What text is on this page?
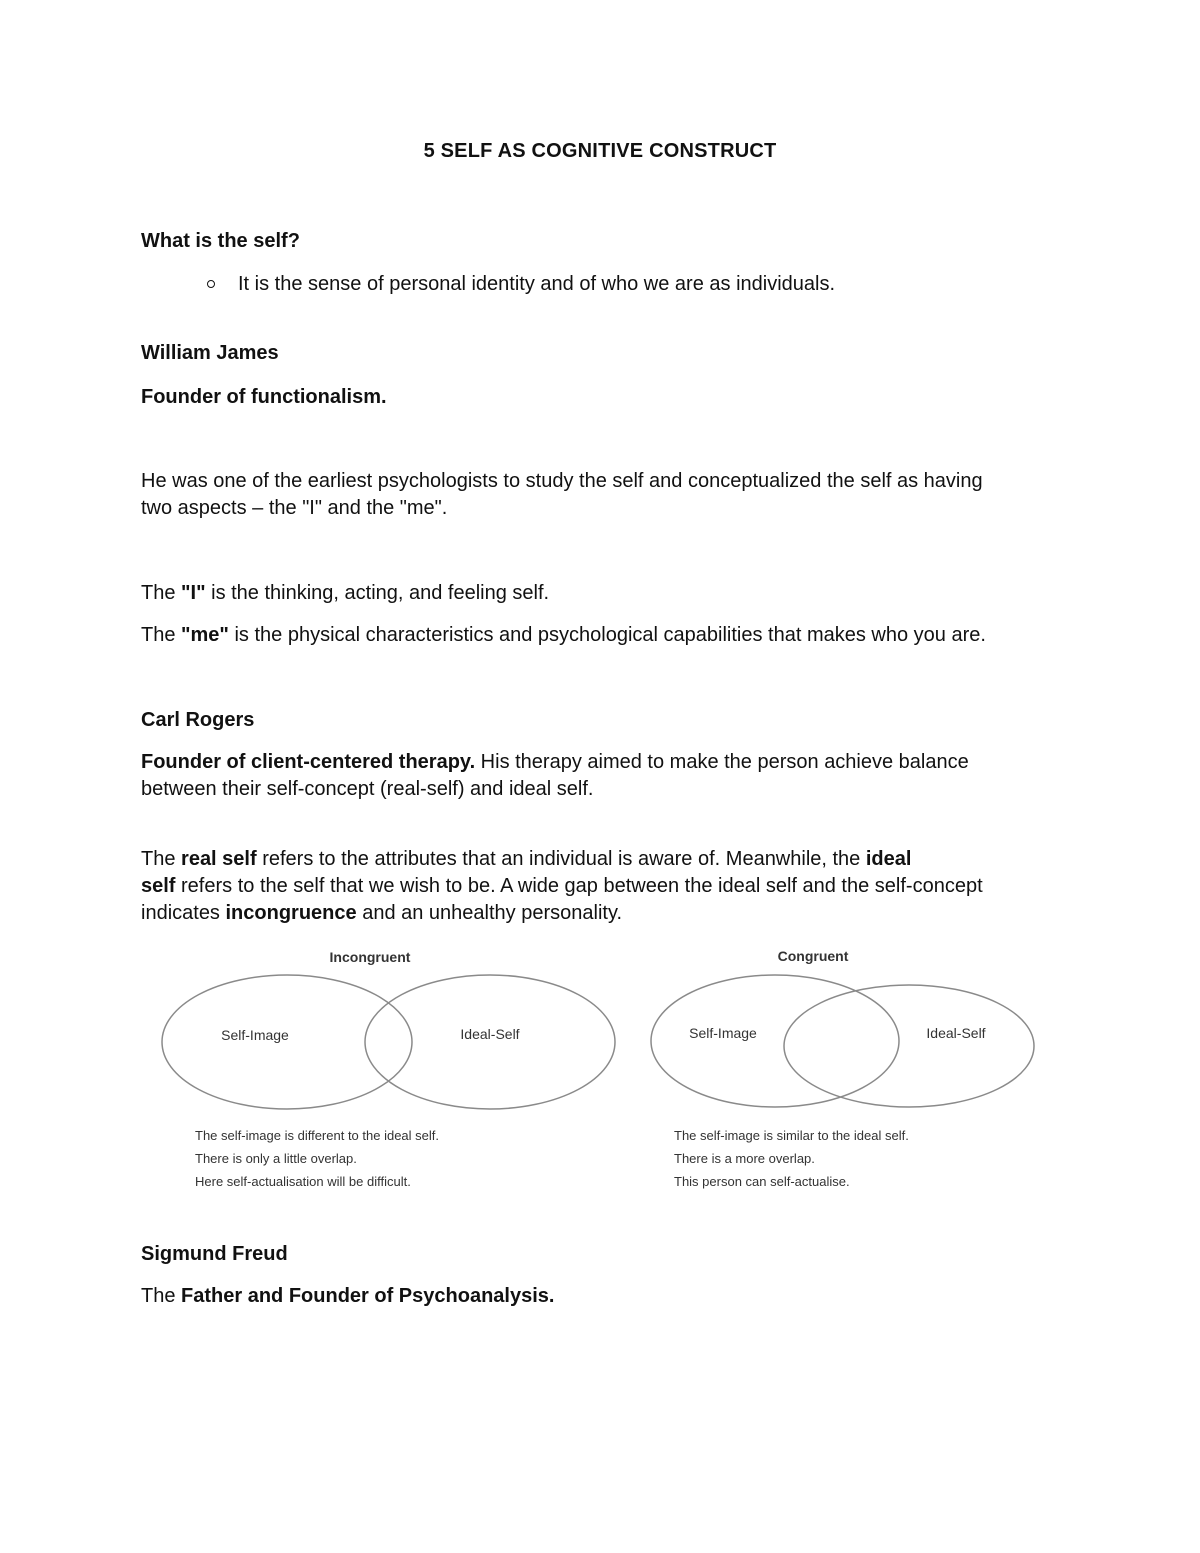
5 SELF AS COGNITIVE CONSTRUCT

What is the self?

It is the sense of personal identity and of who we are as individuals.

William James

Founder of functionalism.

He was one of the earliest psychologists to study the self and conceptualized the self as having

two aspects – the "I" and the "me".

The "I" is the thinking, acting, and feeling self.

The "me" is the physical characteristics and psychological capabilities that makes who you are.

Carl Rogers

Founder of client-centered therapy. His therapy aimed to make the person achieve balance

between their self-concept (real-self) and ideal self.

The real self refers to the attributes that an individual is aware of. Meanwhile, the ideal

self refers to the self that we wish to be. A wide gap between the ideal self and the self-concept

indicates incongruence and an unhealthy personality.

Incongruent
Self-Image	Ideal-Self
The self-image is different to the ideal self.
There is only a little overlap.
Here self-actualisation will be difficult.
Congruent
Self-Image	Ideal-Self
The self-image is similar to the ideal self.
There is a more overlap.
This person can self-actualise.

Sigmund Freud

The Father and Founder of Psychoanalysis.
